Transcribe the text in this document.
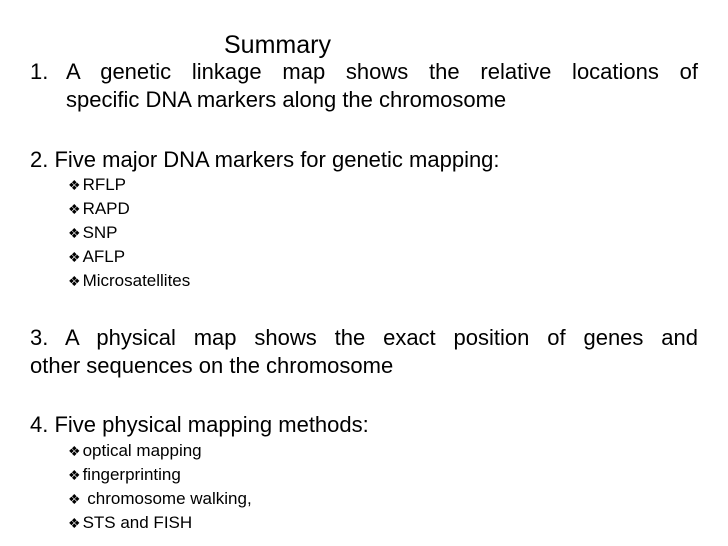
Summary
1. A genetic linkage map shows the relative locations of
specific DNA markers along the chromosome
2. Five major DNA markers for genetic mapping:
❖ RFLP
❖ RAPD
❖ SNP
❖ AFLP
❖ Microsatellites
3. A physical map shows the exact position of genes and
other sequences on the chromosome
4. Five physical mapping methods:
❖ optical mapping
❖ fingerprinting
❖ chromosome walking,
❖ STS and FISH
